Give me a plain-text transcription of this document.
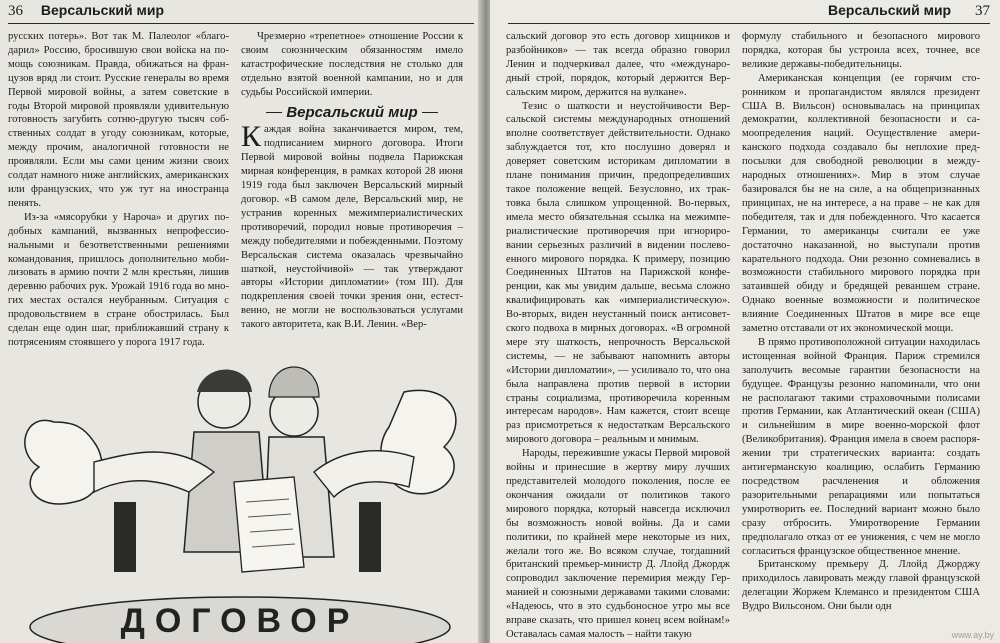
36 Версальский мир

русских потерь». Вот так М. Палеолог «благодарил» Россию, бросившую свои войска на помощь союзникам. Правда, обижаться на французов вряд ли стоит. Русские генералы во время Первой мировой войны, а затем советские в годы Второй мировой проявляли удивительную готовность загубить сотню-другую тысяч собственных солдат в угоду союзникам, которые, между прочим, аналогичной готовности не проявляли. Если мы сами ценим жизни своих солдат намного ниже английских, американских или французских, что уж тут на иностранца пенять.

Из-за «мясорубки у Нароча» и других подобных кампаний, вызванных непрофессиональными и безответственными решениями командования, пришлось дополнительно мобилизовать в армию почти 2 млн крестьян, лишив деревню рабочих рук. Урожай 1916 года во многих местах остался неубранным. Ситуация с продовольствием в стране обострилась. Был сделан еще один шаг, приближавший страну к потрясениям стоявшего у порога 1917 года.

Чрезмерно «трепетное» отношение России к своим союзническим обязанностям имело катастрофические последствия не столько для отдельно взятой военной кампании, но и для судьбы Российской империи.

Версальский мир

Каждая война заканчивается миром, тем, подписанием мирного договора. Итоги Первой мировой войны подвела Парижская мирная конференция, в рамках которой 28 июня 1919 года был заключен Версальский мирный договор. «В самом деле, Версальский мир, не устранив коренных межимпериалистических противоречий, породил новые противоречия – между победителями и побежденными. Поэтому Версальская система оказалась чрезвычайно шаткой, неустойчивой» — так утверждают авторы «Истории дипломатии» (том III). Для подкрепления своей точки зрения они, естественно, не могли не воспользоваться услугами такого авторитета, как В.И. Ленин. «Вер-

ДОГОВОР
Версальский мир 37

сальский договор это есть договор хищников и разбойников» — так всегда образно говорил Ленин и подчеркивал далее, что «международный строй, порядок, который держится Версальским миром, держится на вулкане».

Тезис о шаткости и неустойчивости Версальской системы международных отношений вполне соответствует действительности. Однако заблуждается тот, кто послушно доверял и доверяет советским историкам дипломатии в плане понимания причин, предопределивших такое положение вещей. Безусловно, их трактовка была слишком упрощенной. Во-первых, имела место обязательная ссылка на межимпериалистические противоречия при игнорировании серьезных различий в видении послевоенного мирового порядка. К примеру, позицию Соединенных Штатов на Парижской конференции, как мы увидим дальше, весьма сложно квалифицировать как «империалистическую». Во-вторых, виден неустанный поиск антисоветского подвоха в мирных договорах. «В огромной мере эту шаткость, непрочность Версальской системы, — не забывают напомнить авторы «Истории дипломатии», — усиливало то, что она была направлена против первой в истории страны социализма, противоречила коренным интересам народов». Нам кажется, стоит всеще раз присмотреться к недостаткам Версальского мирового договора – реальным и мнимым.

Народы, пережившие ужасы Первой мировой войны и принесшие в жертву миру лучших представителей молодого поколения, после ее окончания ожидали от политиков такого мирового порядка, который навсегда исключил бы возможность новой войны. Да и сами политики, по крайней мере некоторые из них, желали того же. Во всяком случае, тогдашний британский премьер-министр Д. Ллойд Джордж сопроводил заключение перемирия между Германией и союзными державами такими словами: «Надеюсь, что в это судьбоносное утро мы все вправе сказать, что пришел конец всем войнам!» Оставалась самая малость – найти такую

формулу стабильного и безопасного мирового порядка, которая бы устроила всех, точнее, все великие державы-победительницы.

Американская концепция (ее горячим сторонником и пропагандистом являлся президент США В. Вильсон) основывалась на принципах демократии, коллективной безопасности и самоопределения наций. Осуществление американского подхода создавало бы неплохие предпосылки для свободной революции в международных отношениях». Мир в этом случае базировался бы не на силе, а на общепризнанных принципах, не на интересе, а на праве – не как для победителя, так и для побежденного. Что касается Германии, то американцы считали ее уже достаточно наказанной, но выступали против карательного подхода. Они резонно сомневались в возможности стабильного мирового порядка при затаившей обиду и бредящей реваншем стране. Однако военные возможности и политическое влияние Соединенных Штатов в мире все еще заметно отставали от их экономической мощи.

В прямо противоположной ситуации находилась истощенная войной Франция. Париж стремился заполучить весомые гарантии безопасности на будущее. Французы резонно напоминали, что они не располагают такими страховочными полисами против Германии, как Атлантический океан (США) и сильнейшим в мире военно-морской флот (Великобритания). Франция имела в своем распоряжении три стратегических варианта: создать антигерманскую коалицию, ослабить Германию посредством расчленения и обложения разорительными репарациями или попытаться умиротворить ее. Последний вариант можно было сразу отбросить. Умиротворение Германии предполагало отказ от ее унижения, с чем не могло согласиться французское общественное мнение.

Британскому премьеру Д. Ллойд Джорджу приходилось лавировать между главой французской делегации Жоржем Клемансо и президентом США Вудро Вильсоном. Они были одн

www.ay.by
